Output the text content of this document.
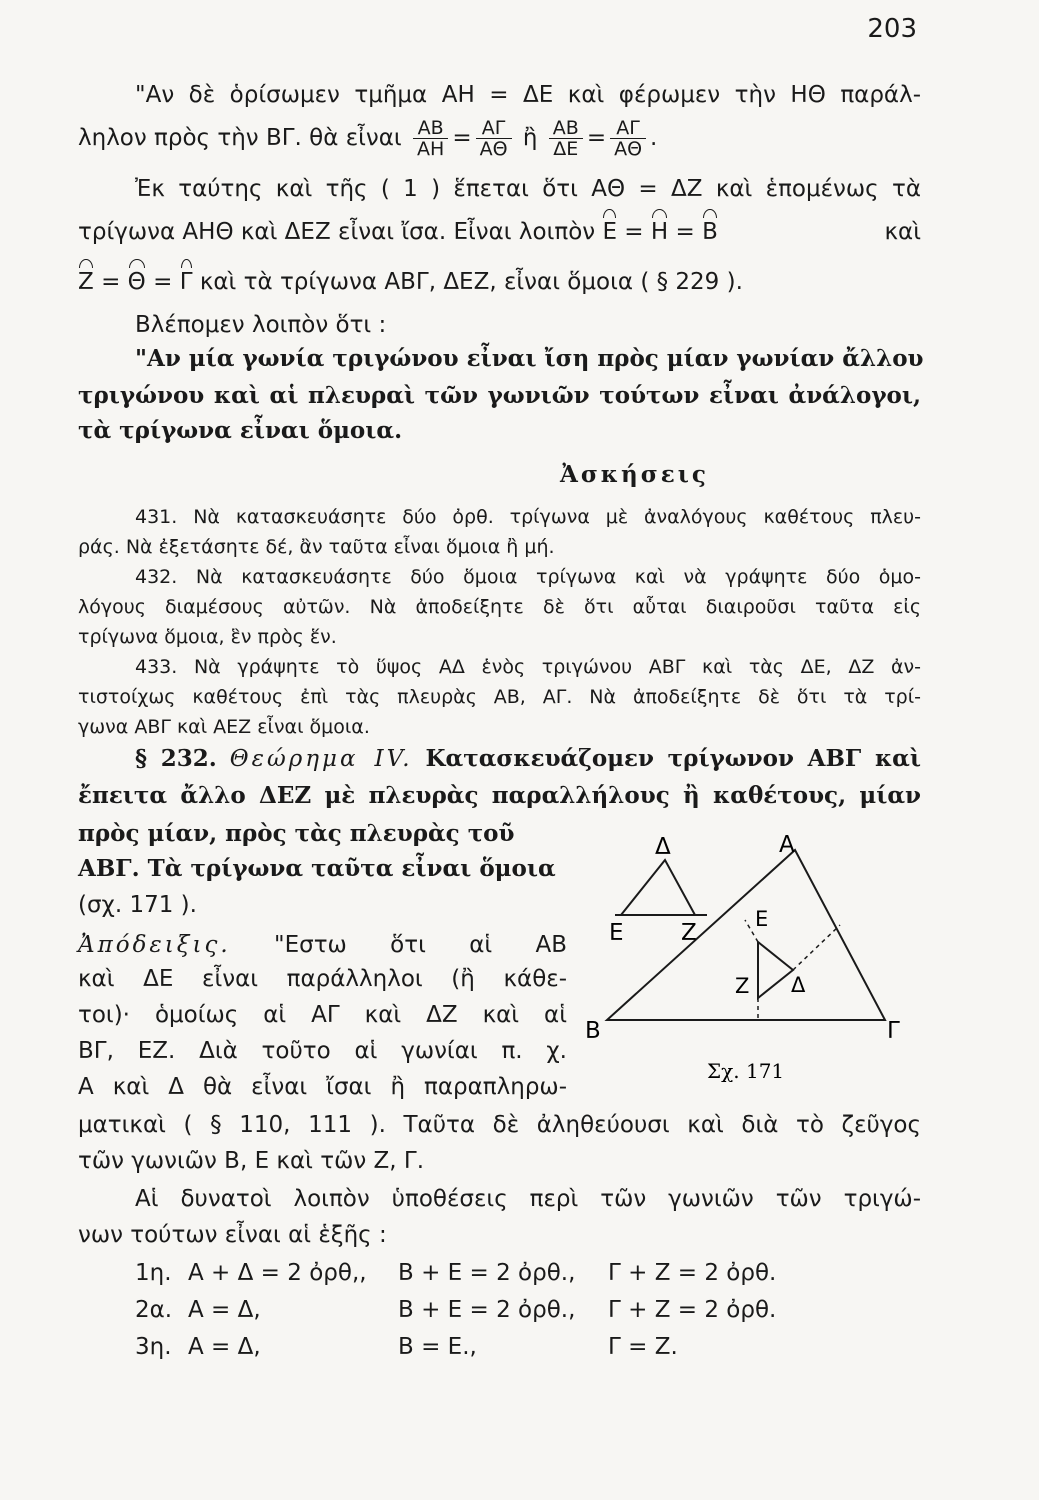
203
"Αν δὲ ὁρίσωμεν τμῆμα ΑΗ = ΔΕ καὶ φέρωμεν τὴν ΗΘ παράλ-
ληλον πρὸς τὴν ΒΓ. θὰ εἶναι $\frac{AB}{AH} = \frac{A\Gamma}{A\Theta}$ ἢ $\frac{AB}{\Delta E} = \frac{A\Gamma}{A\Theta}$ .
Ἐκ ταύτης καὶ τῆς ( 1 ) ἕπεται ὅτι ΑΘ = ΔΖ καὶ ἑπομένως τὰ
τρίγωνα ΑΗΘ καὶ ΔΕΖ εἶναι ἴσα. Εἶναι λοιπὸν Ε = Η = Β	καὶ
Ζ = Θ = Γ καὶ τὰ τρίγωνα ΑΒΓ, ΔΕΖ, εἶναι ὅμοια ( § 229 ).
Βλέπομεν λοιπὸν ὅτι :
"Αν μία γωνία τριγώνου εἶναι ἴση πρὸς μίαν γωνίαν ἄλλου
τριγώνου καὶ αἱ πλευραὶ τῶν γωνιῶν τούτων εἶναι ἀνάλογοι,
τὰ τρίγωνα εἶναι ὅμοια.
Ἀσκήσεις
431. Νὰ κατασκευάσητε δύο ὀρθ. τρίγωνα μὲ ἀναλόγους καθέτους πλευ-
ράς. Νὰ ἐξετάσητε δέ, ἂν ταῦτα εἶναι ὅμοια ἢ μή.
432. Νὰ κατασκευάσητε δύο ὅμοια τρίγωνα καὶ νὰ γράψητε δύο ὁμο-
λόγους διαμέσους αὐτῶν. Νὰ ἀποδείξητε δὲ ὅτι αὗται διαιροῦσι ταῦτα εἰς
τρίγωνα ὅμοια, ἓν πρὸς ἕν.
433. Νὰ γράψητε τὸ ὕψος ΑΔ ἑνὸς τριγώνου ΑΒΓ καὶ τὰς ΔΕ, ΔΖ ἀν-
τιστοίχως καθέτους ἐπὶ τὰς πλευρὰς ΑΒ, ΑΓ. Νὰ ἀποδείξητε δὲ ὅτι τὰ τρί-
γωνα ΑΒΓ καὶ ΑΕΖ εἶναι ὅμοια.
§ 232. Θεώρημα IV. Κατασκευάζομεν τρίγωνον ΑΒΓ καὶ
ἔπειτα ἄλλο ΔΕΖ μὲ πλευρὰς παραλλήλους ἢ καθέτους, μίαν
πρὸς μίαν, πρὸς τὰς πλευρὰς τοῦ
ΑΒΓ. Τὰ τρίγωνα ταῦτα εἶναι ὅμοια
(σχ. 171 ).
Ἀπόδειξις. "Εστω ὅτι αἱ ΑΒ
καὶ ΔΕ εἶναι παράλληλοι (ἢ κάθε-
τοι)· ὁμοίως αἱ ΑΓ καὶ ΔΖ καὶ αἱ
ΒΓ, ΕΖ. Διὰ τοῦτο αἱ γωνίαι π. χ.
Α καὶ Δ θὰ εἶναι ἴσαι ἢ παραπληρω-
ματικαὶ ( § 110, 111 ). Ταῦτα δὲ ἀληθεύουσι καὶ διὰ τὸ ζεῦγος
τῶν γωνιῶν Β, Ε καὶ τῶν Ζ, Γ.
Αἱ δυνατοὶ λοιπὸν ὑποθέσεις περὶ τῶν γωνιῶν τῶν τριγώ-
νων τούτων εἶναι αἱ ἑξῆς :
1η. Α + Δ = 2 ὀρθ,, Β + Ε = 2 ὀρθ., Γ + Ζ = 2 ὀρθ.
2α. Α = Δ,	Β + Ε = 2 ὀρθ., Γ + Ζ = 2 ὀρθ.
3η. Α = Δ,	Β = Ε.,	Γ = Ζ.
Δ
Ε Ζ
Α
Β	Γ
Ε
Ζ Δ
Σχ. 171
